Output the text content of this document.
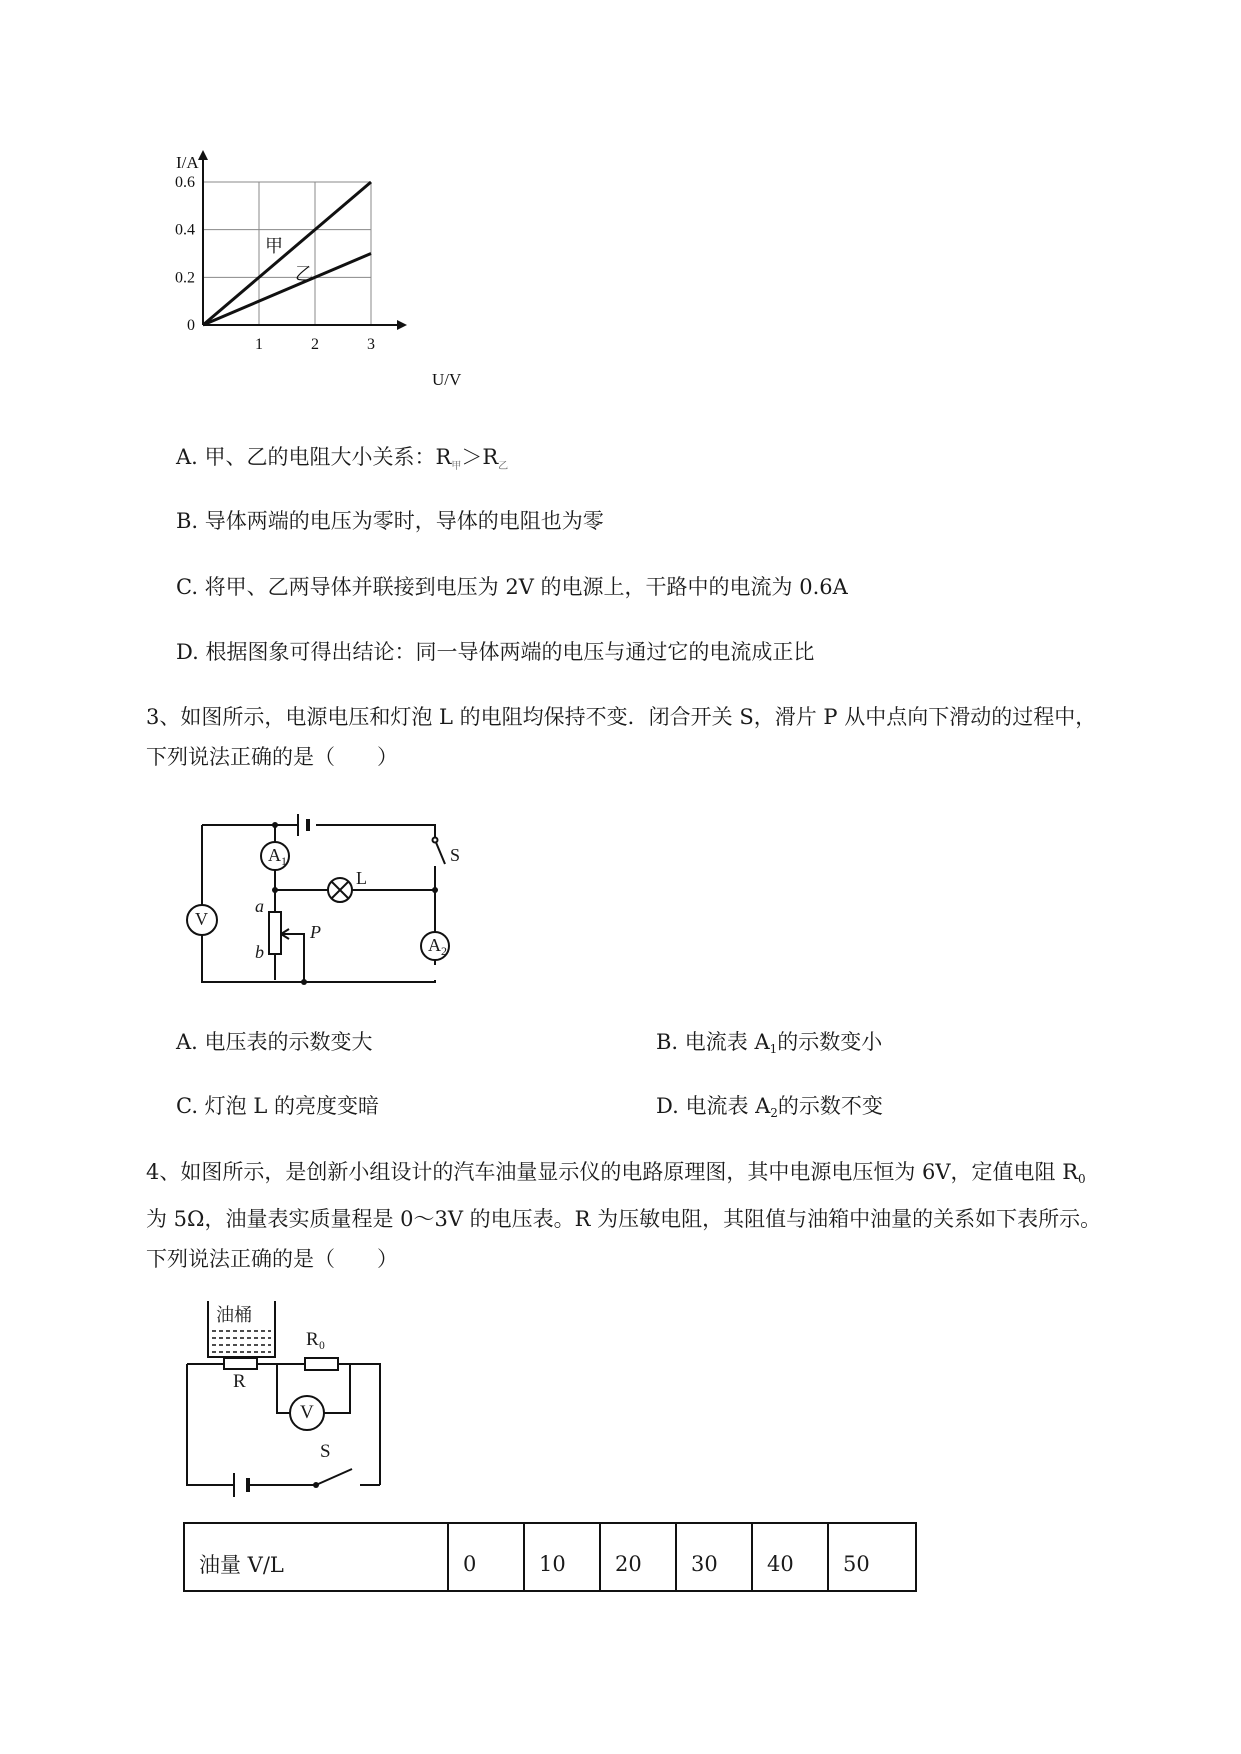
0
0.2
0.4
0.6
1	2	3
I/A
U/V
甲
乙
A. 甲、乙的电阻大小关系：$R_甲>R_乙$
B. 导体两端的电压为零时，导体的电阻也为零
C. 将甲、乙两导体并联接到电压为 2V 的电源上，干路中的电流为 0.6A
D. 根据图象可得出结论：同一导体两端的电压与通过它的电流成正比
3、如图所示，电源电压和灯泡 L 的电阻均保持不变．闭合开关 S，滑片 P 从中点向下滑动的过程中，
下列说法正确的是（　　）
$A_1$
$A_2$
V
L
S
a
b
P
A. 电压表的示数变大	B. 电流表 $A_1$的示数变小
C. 灯泡 L 的亮度变暗	D. 电流表 $A_2$的示数不变
4、如图所示，是创新小组设计的汽车油量显示仪的电路原理图，其中电源电压恒为 6V，定值电阻 $R_0$
为 5Ω，油量表实质量程是 0～3V 的电压表。R 为压敏电阻，其阻值与油箱中油量的关系如下表所示。
下列说法正确的是（　　）
油桶
R
R₀
V
S
油量 V/L	0	10	20	30	40	50
